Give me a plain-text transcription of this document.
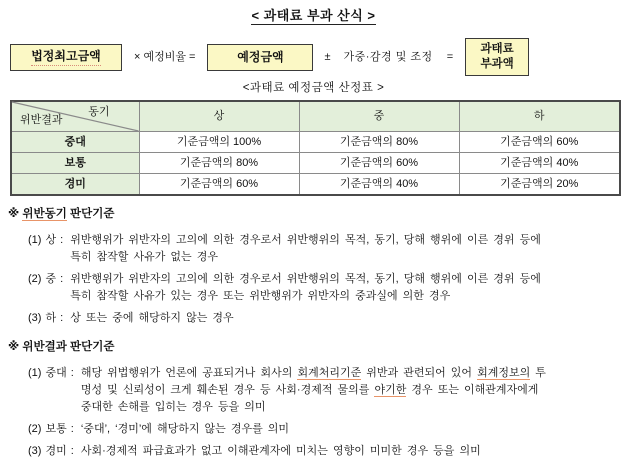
< 과태료 부과 산식 >
법정최고금액	× 예정비율 =	예정금액	± 가중·감경 및 조정 =
과태료
부과액
<과태료 예정금액 산정표 >
동기
위반결과	상	중	하
중대	기준금액의 100%	기준금액의 80%	기준금액의 60%
보통	기준금액의 80%	기준금액의 60%	기준금액의 40%
경미	기준금액의 60%	기준금액의 40%	기준금액의 20%
※ 위반동기 판단기준
(1) 상 : 위반행위가 위반자의 고의에 의한 경우로서 위반행위의 목적, 동기, 당해 행위에 이른 경위 등에
특히 참작할 사유가 없는 경우
(2) 중 : 위반행위가 위반자의 고의에 의한 경우로서 위반행위의 목적, 동기, 당해 행위에 이른 경위 등에
특히 참작할 사유가 있는 경우 또는 위반행위가 위반자의 중과실에 의한 경우
(3) 하 : 상 또는 중에 해당하지 않는 경우
※ 위반결과 판단기준
(1) 중대 : 해당 위법행위가 언론에 공표되거나 회사의 회계처리기준 위반과 관련되어 있어 회계정보의 투
명성 및 신뢰성이 크게 훼손된 경우 등 사회·경제적 물의를 야기한 경우 또는 이해관계자에게
중대한 손해를 입히는 경우 등을 의미
(2) 보통 : ‘중대’, ‘경미’에 해당하지 않는 경우를 의미
(3) 경미 : 사회·경제적 파급효과가 없고 이해관계자에 미치는 영향이 미미한 경우 등을 의미
